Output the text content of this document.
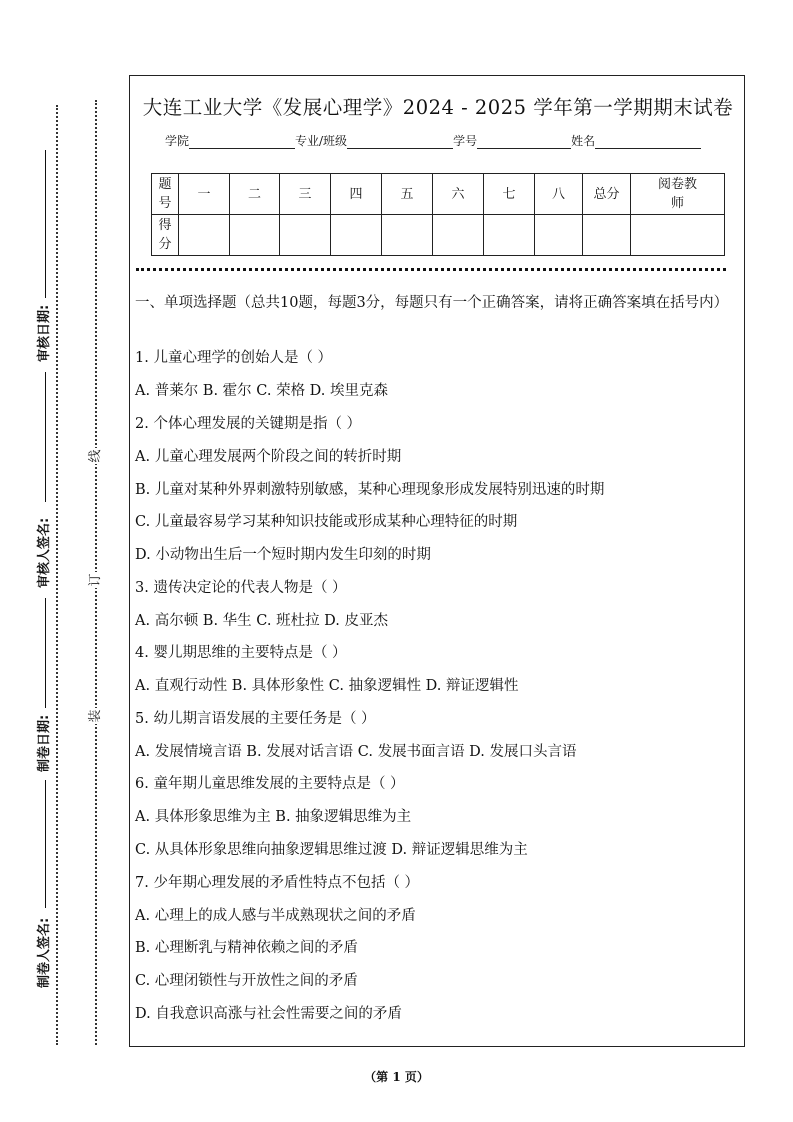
审核日期:
审核人签名:
制卷日期:
制卷人签名:
线
订
装
大连工业大学《发展心理学》2024 - 2025 学年第一学期期末试卷
学院	专业/班级	学号	姓名
题号	一	二	三	四	五	六	七	八	总分	阅卷教师

得分										

一、单项选择题（总共10题，每题3分，每题只有一个正确答案，请将正确答案填在括号内）
1. 儿童心理学的创始人是（ ）
A. 普莱尔 B. 霍尔 C. 荣格 D. 埃里克森
2. 个体心理发展的关键期是指（ ）
A. 儿童心理发展两个阶段之间的转折时期
B. 儿童对某种外界刺激特别敏感，某种心理现象形成发展特别迅速的时期
C. 儿童最容易学习某种知识技能或形成某种心理特征的时期
D. 小动物出生后一个短时期内发生印刻的时期
3. 遗传决定论的代表人物是（ ）
A. 高尔顿 B. 华生 C. 班杜拉 D. 皮亚杰
4. 婴儿期思维的主要特点是（ ）
A. 直观行动性 B. 具体形象性 C. 抽象逻辑性 D. 辩证逻辑性
5. 幼儿期言语发展的主要任务是（ ）
A. 发展情境言语 B. 发展对话言语 C. 发展书面言语 D. 发展口头言语
6. 童年期儿童思维发展的主要特点是（ ）
A. 具体形象思维为主 B. 抽象逻辑思维为主
C. 从具体形象思维向抽象逻辑思维过渡 D. 辩证逻辑思维为主
7. 少年期心理发展的矛盾性特点不包括（ ）
A. 心理上的成人感与半成熟现状之间的矛盾
B. 心理断乳与精神依赖之间的矛盾
C. 心理闭锁性与开放性之间的矛盾
D. 自我意识高涨与社会性需要之间的矛盾
（第 1 页）
